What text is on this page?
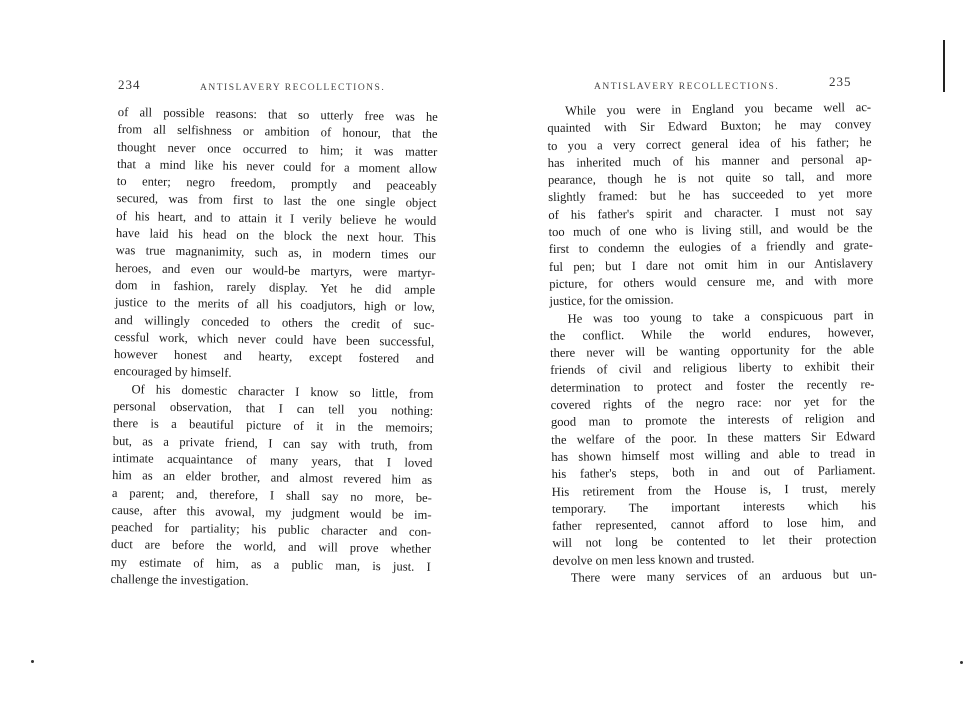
234	ANTISLAVERY RECOLLECTIONS.
of all possible reasons: that so utterly free was he
from all selfishness or ambition of honour, that the
thought never once occurred to him; it was matter
that a mind like his never could for a moment allow
to enter; negro freedom, promptly and peaceably
secured, was from first to last the one single object
of his heart, and to attain it I verily believe he would
have laid his head on the block the next hour. This
was true magnanimity, such as, in modern times our
heroes, and even our would-be martyrs, were martyr-
dom in fashion, rarely display. Yet he did ample
justice to the merits of all his coadjutors, high or low,
and willingly conceded to others the credit of suc-
cessful work, which never could have been successful,
however honest and hearty, except fostered and
encouraged by himself.
Of his domestic character I know so little, from
personal observation, that I can tell you nothing:
there is a beautiful picture of it in the memoirs;
but, as a private friend, I can say with truth, from
intimate acquaintance of many years, that I loved
him as an elder brother, and almost revered him as
a parent; and, therefore, I shall say no more, be-
cause, after this avowal, my judgment would be im-
peached for partiality; his public character and con-
duct are before the world, and will prove whether
my estimate of him, as a public man, is just. I
challenge the investigation.
ANTISLAVERY RECOLLECTIONS.	235
While you were in England you became well ac-
quainted with Sir Edward Buxton; he may convey
to you a very correct general idea of his father; he
has inherited much of his manner and personal ap-
pearance, though he is not quite so tall, and more
slightly framed: but he has succeeded to yet more
of his father's spirit and character. I must not say
too much of one who is living still, and would be the
first to condemn the eulogies of a friendly and grate-
ful pen; but I dare not omit him in our Antislavery
picture, for others would censure me, and with more
justice, for the omission.
He was too young to take a conspicuous part in
the conflict. While the world endures, however,
there never will be wanting opportunity for the able
friends of civil and religious liberty to exhibit their
determination to protect and foster the recently re-
covered rights of the negro race: nor yet for the
good man to promote the interests of religion and
the welfare of the poor. In these matters Sir Edward
has shown himself most willing and able to tread in
his father's steps, both in and out of Parliament.
His retirement from the House is, I trust, merely
temporary. The important interests which his
father represented, cannot afford to lose him, and
will not long be contented to let their protection
devolve on men less known and trusted.
There were many services of an arduous but un-
